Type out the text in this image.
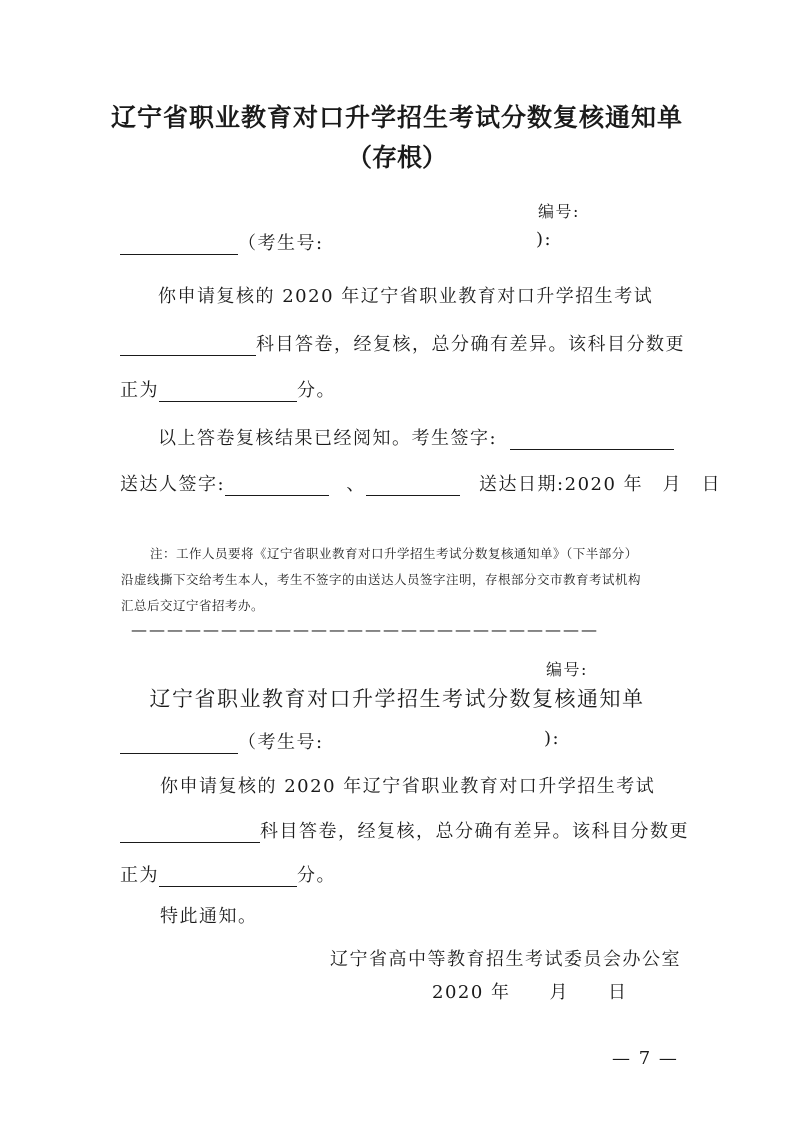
辽宁省职业教育对口升学招生考试分数复核通知单
（存根）
编号:
（考生号:	):
你申请复核的 2020 年辽宁省职业教育对口升学招生考试
科目答卷，经复核，总分确有差异。该科目分数更
正为	分。
以上答卷复核结果已经阅知。考生签字:
送达人签字:	、	送达日期:2020 年　月　日
注：工作人员要将《辽宁省职业教育对口升学招生考试分数复核通知单》（下半部分）
沿虚线撕下交给考生本人，考生不签字的由送达人员签字注明，存根部分交市教育考试机构
汇总后交辽宁省招考办。
——————————————————————————
编号:
辽宁省职业教育对口升学招生考试分数复核通知单
（考生号:	):
你申请复核的 2020 年辽宁省职业教育对口升学招生考试
科目答卷，经复核，总分确有差异。该科目分数更
正为	分。
特此通知。
辽宁省高中等教育招生考试委员会办公室
2020 年　　月　　日
— 7 —
